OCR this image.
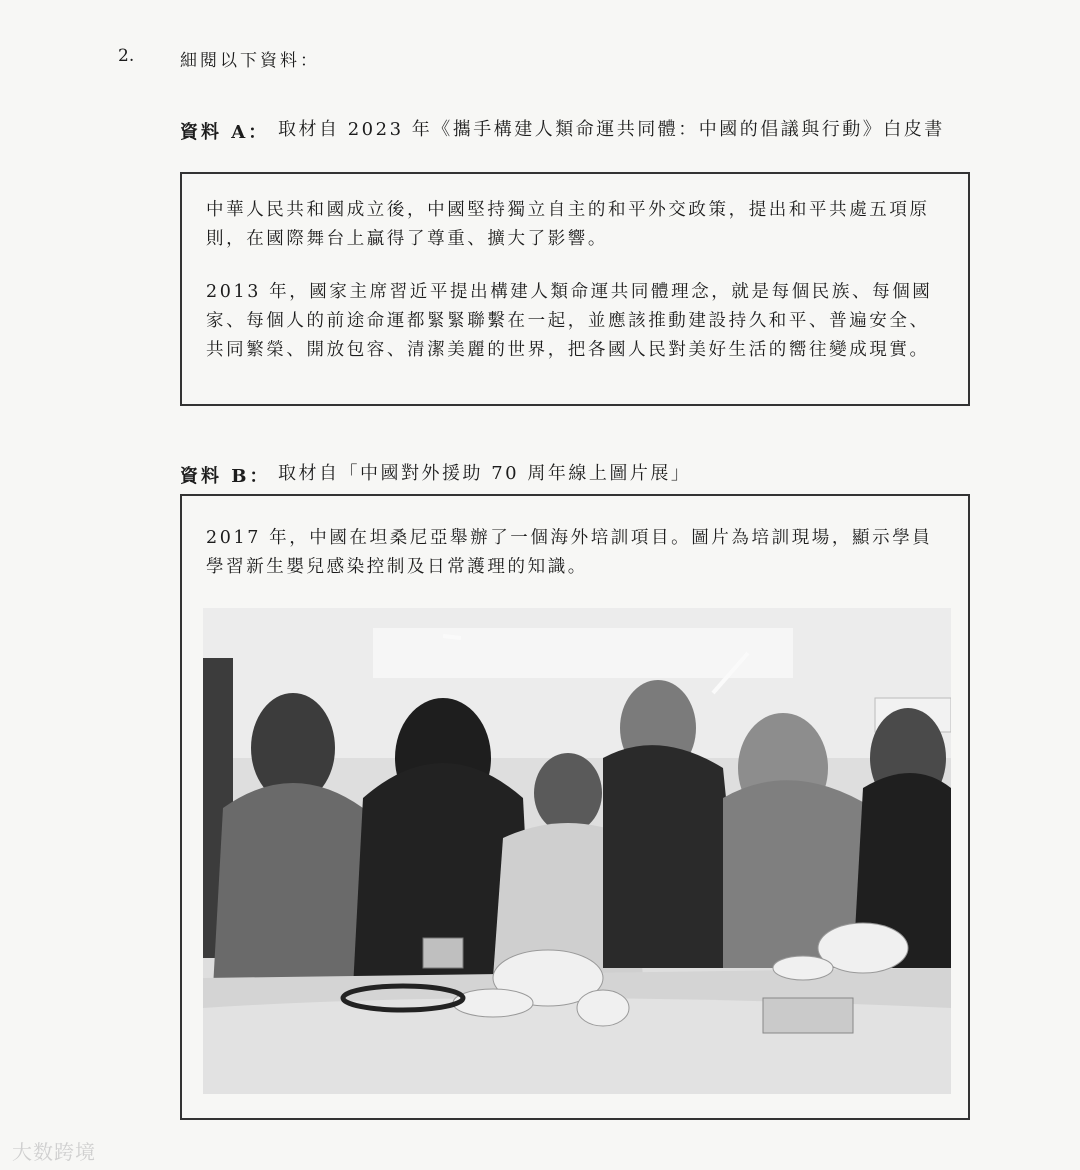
2.	細閱以下資料：
資料 A： 取材自 2023 年《攜手構建人類命運共同體：中國的倡議與行動》白皮書
中華人民共和國成立後，中國堅持獨立自主的和平外交政策，提出和平共處五項原則，在國際舞台上贏得了尊重、擴大了影響。
2013 年，國家主席習近平提出構建人類命運共同體理念，就是每個民族、每個國家、每個人的前途命運都緊緊聯繫在一起，並應該推動建設持久和平、普遍安全、共同繁榮、開放包容、清潔美麗的世界，把各國人民對美好生活的嚮往變成現實。
資料 B： 取材自「中國對外援助 70 周年線上圖片展」
2017 年，中國在坦桑尼亞舉辦了一個海外培訓項目。圖片為培訓現場，顯示學員學習新生嬰兒感染控制及日常護理的知識。
大数跨境
